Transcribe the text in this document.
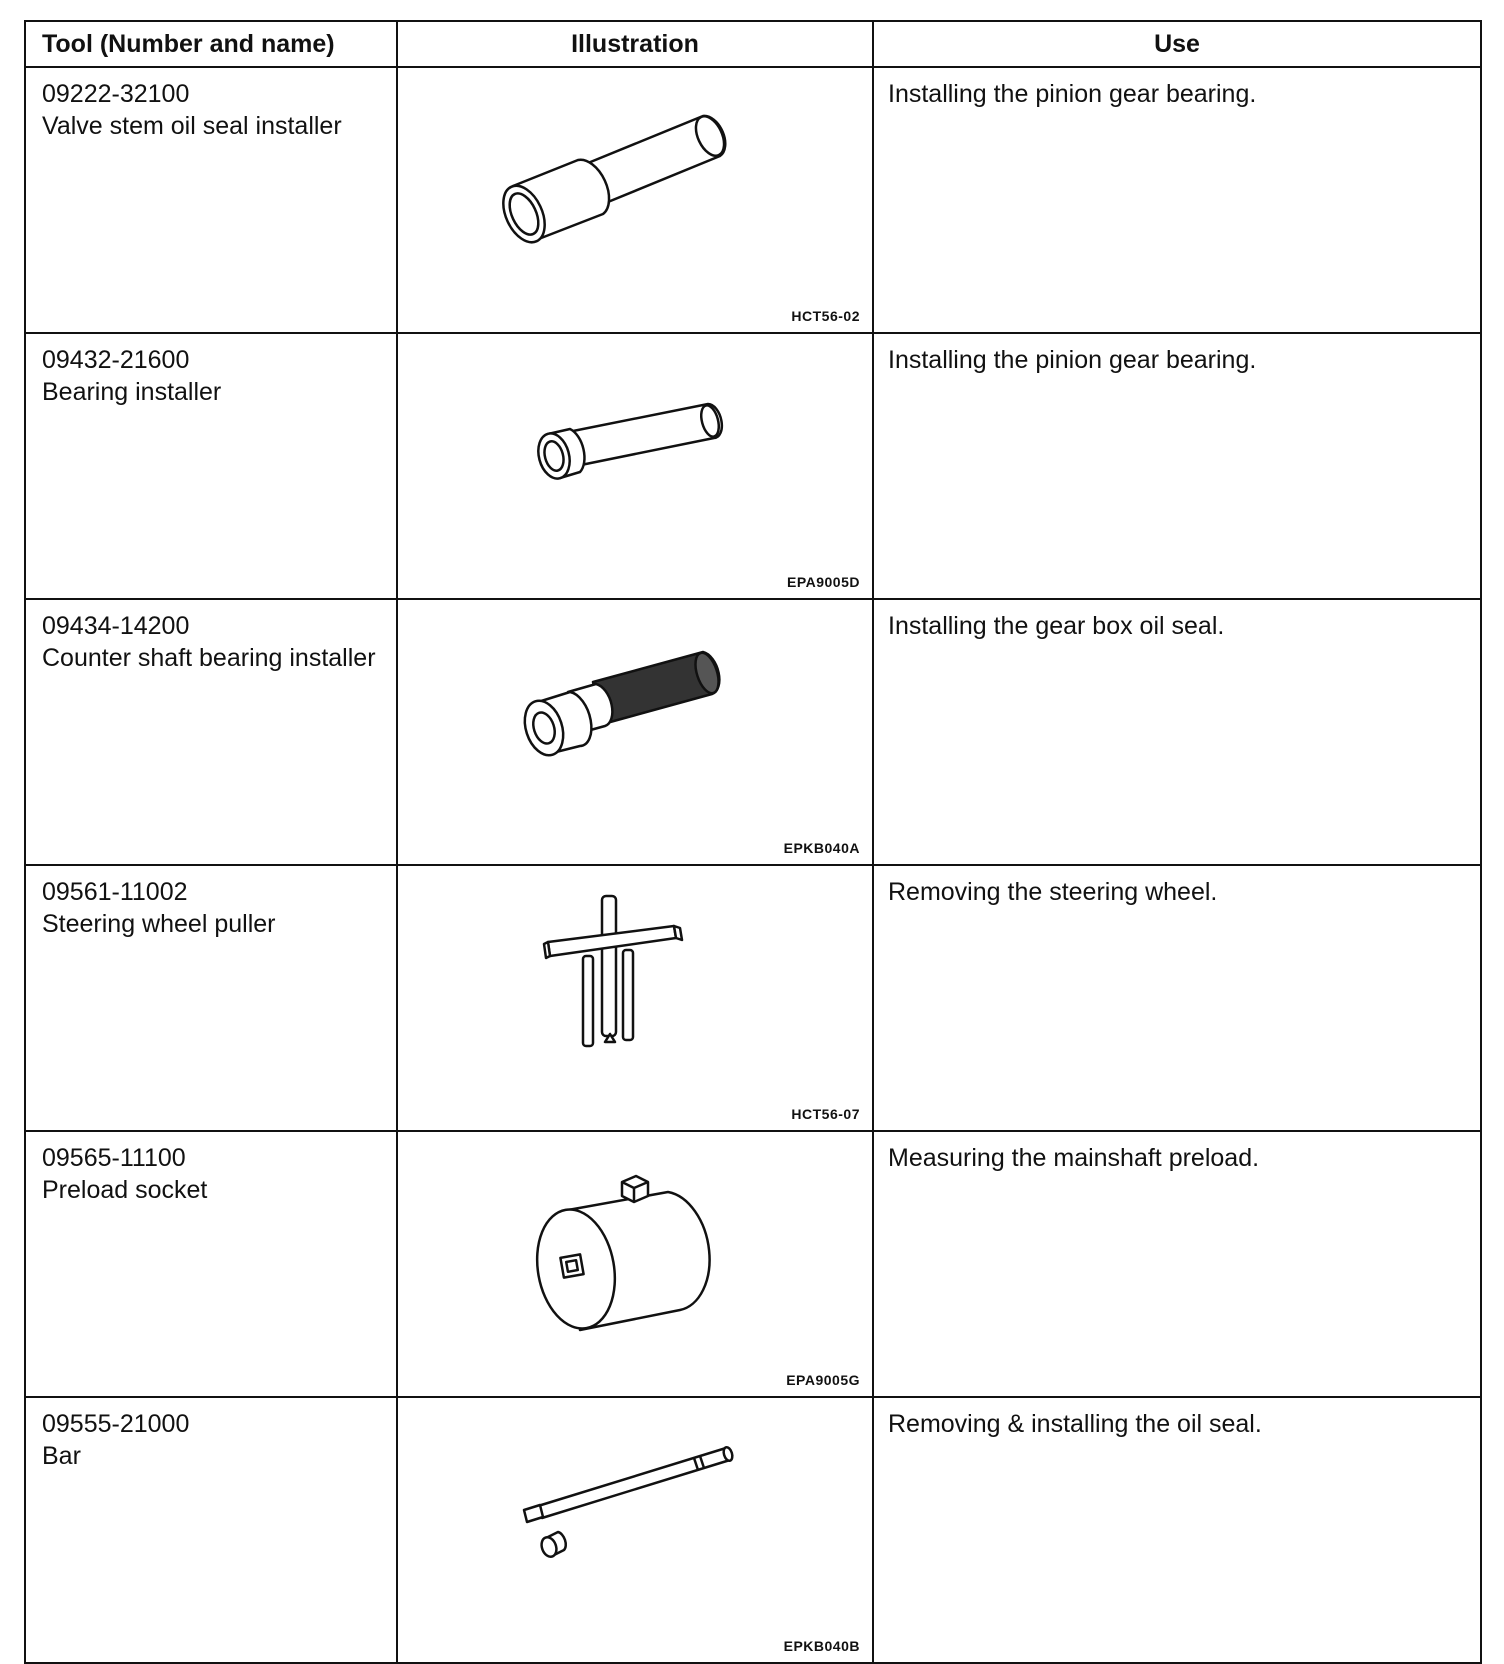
Tool (Number and name)	Illustration	Use

09222-32100
Valve stem oil seal installer	HCT56-02	Installing the pinion gear bearing.

09432-21600
Bearing installer	EPA9005D	Installing the pinion gear bearing.

09434-14200
Counter shaft bearing installer	EPKB040A	Installing the gear box oil seal.

09561-11002
Steering wheel puller	HCT56-07	Removing the steering wheel.

09565-11100
Preload socket	EPA9005G	Measuring the mainshaft preload.

09555-21000
Bar	EPKB040B	Removing & installing the oil seal.
